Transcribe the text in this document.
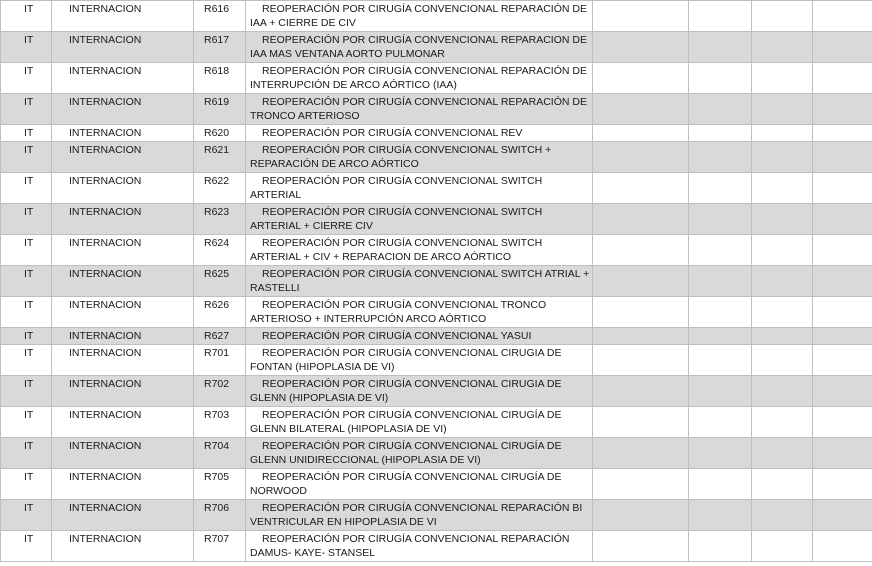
IT	INTERNACION	R616	REOPERACIÓN POR CIRUGÍA CONVENCIONAL REPARACIÓN DE IAA + CIERRE DE CIV				
IT	INTERNACION	R617	REOPERACIÓN POR CIRUGÍA CONVENCIONAL REPARACION DE IAA MAS VENTANA AORTO PULMONAR				
IT	INTERNACION	R618	REOPERACIÓN POR CIRUGÍA CONVENCIONAL REPARACIÓN DE INTERRUPCIÓN DE ARCO AÓRTICO (IAA)				
IT	INTERNACION	R619	REOPERACIÓN POR CIRUGÍA CONVENCIONAL REPARACIÓN DE TRONCO ARTERIOSO				
IT	INTERNACION	R620	REOPERACIÓN POR CIRUGÍA CONVENCIONAL REV				
IT	INTERNACION	R621	REOPERACIÓN POR CIRUGÍA CONVENCIONAL SWITCH + REPARACIÓN DE ARCO AÓRTICO				
IT	INTERNACION	R622	REOPERACIÓN POR CIRUGÍA CONVENCIONAL SWITCH ARTERIAL				
IT	INTERNACION	R623	REOPERACIÓN POR CIRUGÍA CONVENCIONAL SWITCH ARTERIAL + CIERRE CIV				
IT	INTERNACION	R624	REOPERACIÓN POR CIRUGÍA CONVENCIONAL SWITCH ARTERIAL + CIV + REPARACION DE ARCO AÓRTICO				
IT	INTERNACION	R625	REOPERACIÓN POR CIRUGÍA CONVENCIONAL SWITCH ATRIAL + RASTELLI				
IT	INTERNACION	R626	REOPERACIÓN POR CIRUGÍA CONVENCIONAL TRONCO ARTERIOSO + INTERRUPCIÓN ARCO AÓRTICO				
IT	INTERNACION	R627	REOPERACIÓN POR CIRUGÍA CONVENCIONAL YASUI				
IT	INTERNACION	R701	REOPERACIÓN POR CIRUGÍA CONVENCIONAL CIRUGIA DE FONTAN (HIPOPLASIA DE VI)				
IT	INTERNACION	R702	REOPERACIÓN POR CIRUGÍA CONVENCIONAL CIRUGIA DE GLENN (HIPOPLASIA DE VI)				
IT	INTERNACION	R703	REOPERACIÓN POR CIRUGÍA CONVENCIONAL CIRUGÍA DE GLENN BILATERAL (HIPOPLASIA DE VI)				
IT	INTERNACION	R704	REOPERACIÓN POR CIRUGÍA CONVENCIONAL CIRUGÍA DE GLENN UNIDIRECCIONAL (HIPOPLASIA DE VI)				
IT	INTERNACION	R705	REOPERACIÓN POR CIRUGÍA CONVENCIONAL CIRUGÍA DE NORWOOD				
IT	INTERNACION	R706	REOPERACIÓN POR CIRUGÍA CONVENCIONAL REPARACIÓN BI VENTRICULAR EN HIPOPLASIA DE VI				
IT	INTERNACION	R707	REOPERACIÓN POR CIRUGÍA CONVENCIONAL REPARACIÓN DAMUS- KAYE- STANSEL				
